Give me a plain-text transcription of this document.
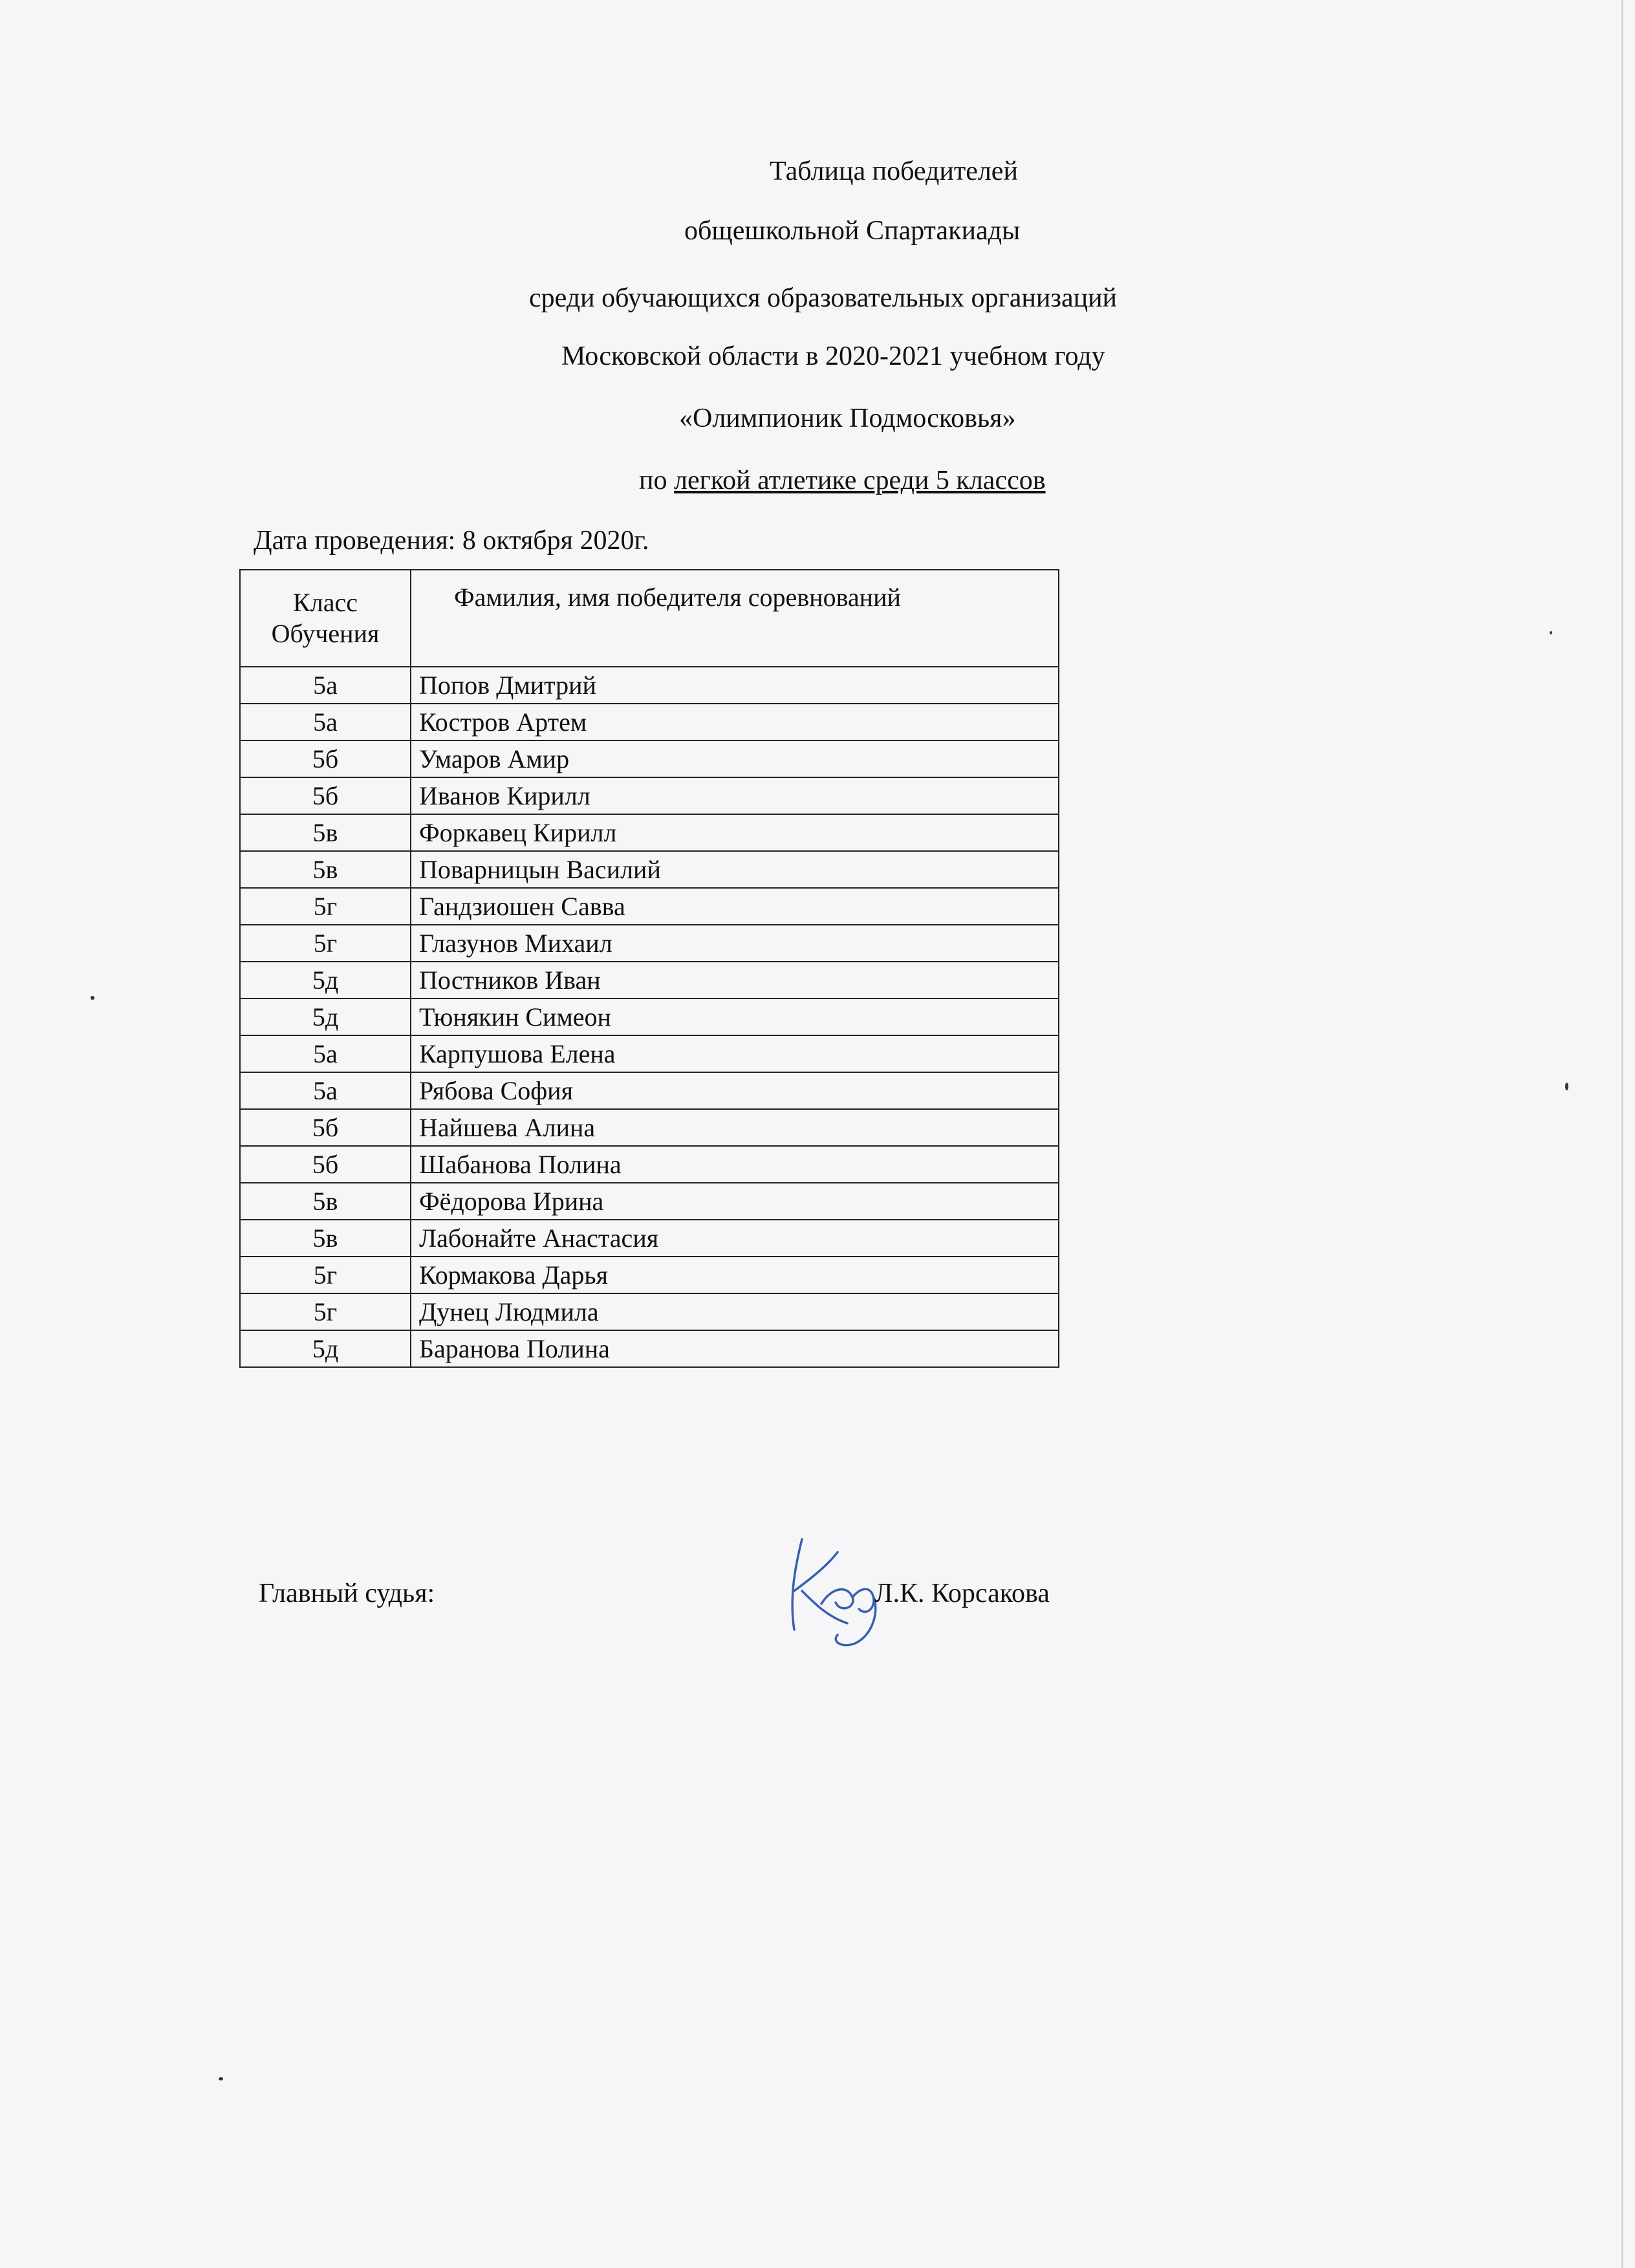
Таблица победителей
общешкольной Спартакиады
среди обучающихся образовательных организаций
Московской области в 2020-2021 учебном году
«Олимпионик Подмосковья»
по легкой атлетике среди 5 классов
Дата проведения: 8 октября 2020г.
Класс
Обучения	Фамилия, имя победителя соревнований
5а	Попов Дмитрий
5а	Костров Артем
5б	Умаров Амир
5б	Иванов Кирилл
5в	Форкавец Кирилл
5в	Поварницын Василий
5г	Гандзиошен Савва
5г	Глазунов Михаил
5д	Постников Иван
5д	Тюнякин Симеон
5а	Карпушова Елена
5а	Рябова София
5б	Найшева Алина
5б	Шабанова Полина
5в	Фёдорова Ирина
5в	Лабонайте Анастасия
5г	Кормакова Дарья
5г	Дунец Людмила
5д	Баранова Полина
Главный судья:	Л.К. Корсакова
